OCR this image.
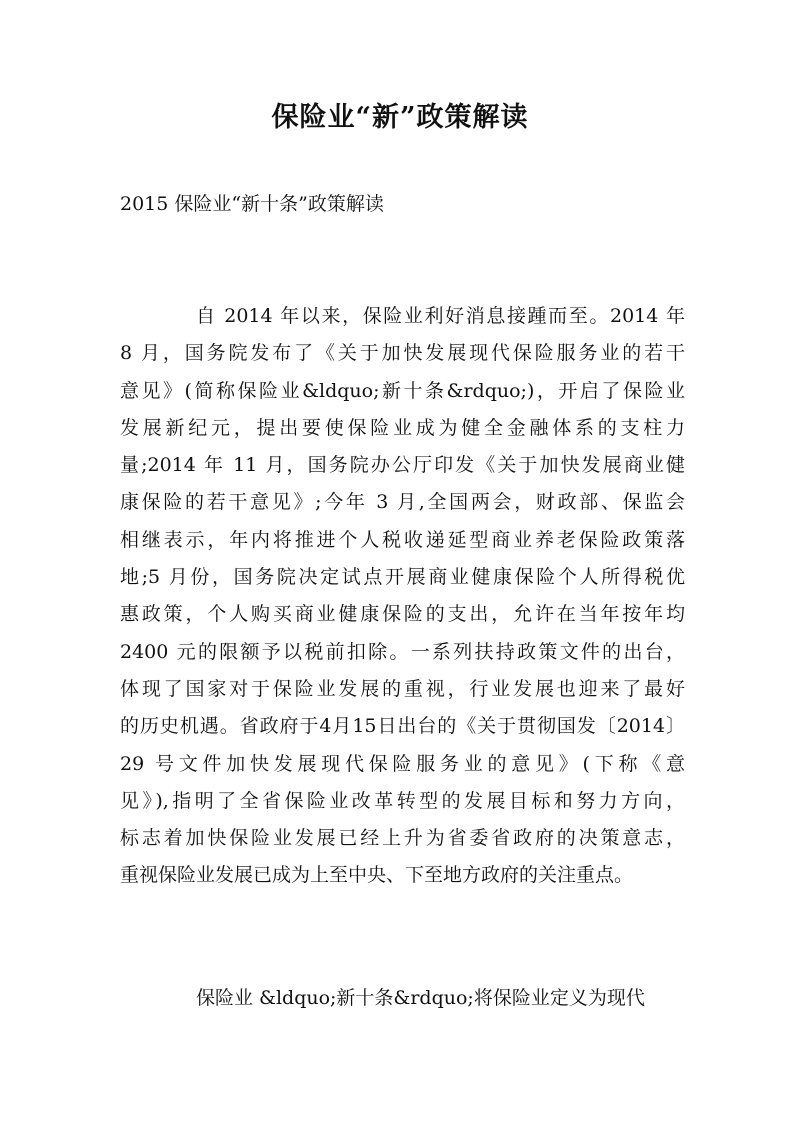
保险业“新”政策解读

2015 保险业“新十条”政策解读

自 2014 年以来，保险业利好消息接踵而至。2014 年

8 月，国务院发布了《关于加快发展现代保险服务业的若干

意见》(简称保险业&ldquo;新十条&rdquo;)，开启了保险业

发展新纪元，提出要使保险业成为健全金融体系的支柱力

量;2014 年 11 月，国务院办公厅印发《关于加快发展商业健

康保险的若干意见》;今年 3 月,全国两会，财政部、保监会

相继表示，年内将推进个人税收递延型商业养老保险政策落

地;5 月份，国务院决定试点开展商业健康保险个人所得税优

惠政策，个人购买商业健康保险的支出，允许在当年按年均

2400 元的限额予以税前扣除。一系列扶持政策文件的出台，

体现了国家对于保险业发展的重视，行业发展也迎来了最好

的历史机遇。省政府于4月15日出台的《关于贯彻国发〔2014〕

29 号文件加快发展现代保险服务业的意见》(下称《意

见》),指明了全省保险业改革转型的发展目标和努力方向，

标志着加快保险业发展已经上升为省委省政府的决策意志，

重视保险业发展已成为上至中央、下至地方政府的关注重点。

保险业 &ldquo;新十条&rdquo;将保险业定义为现代
